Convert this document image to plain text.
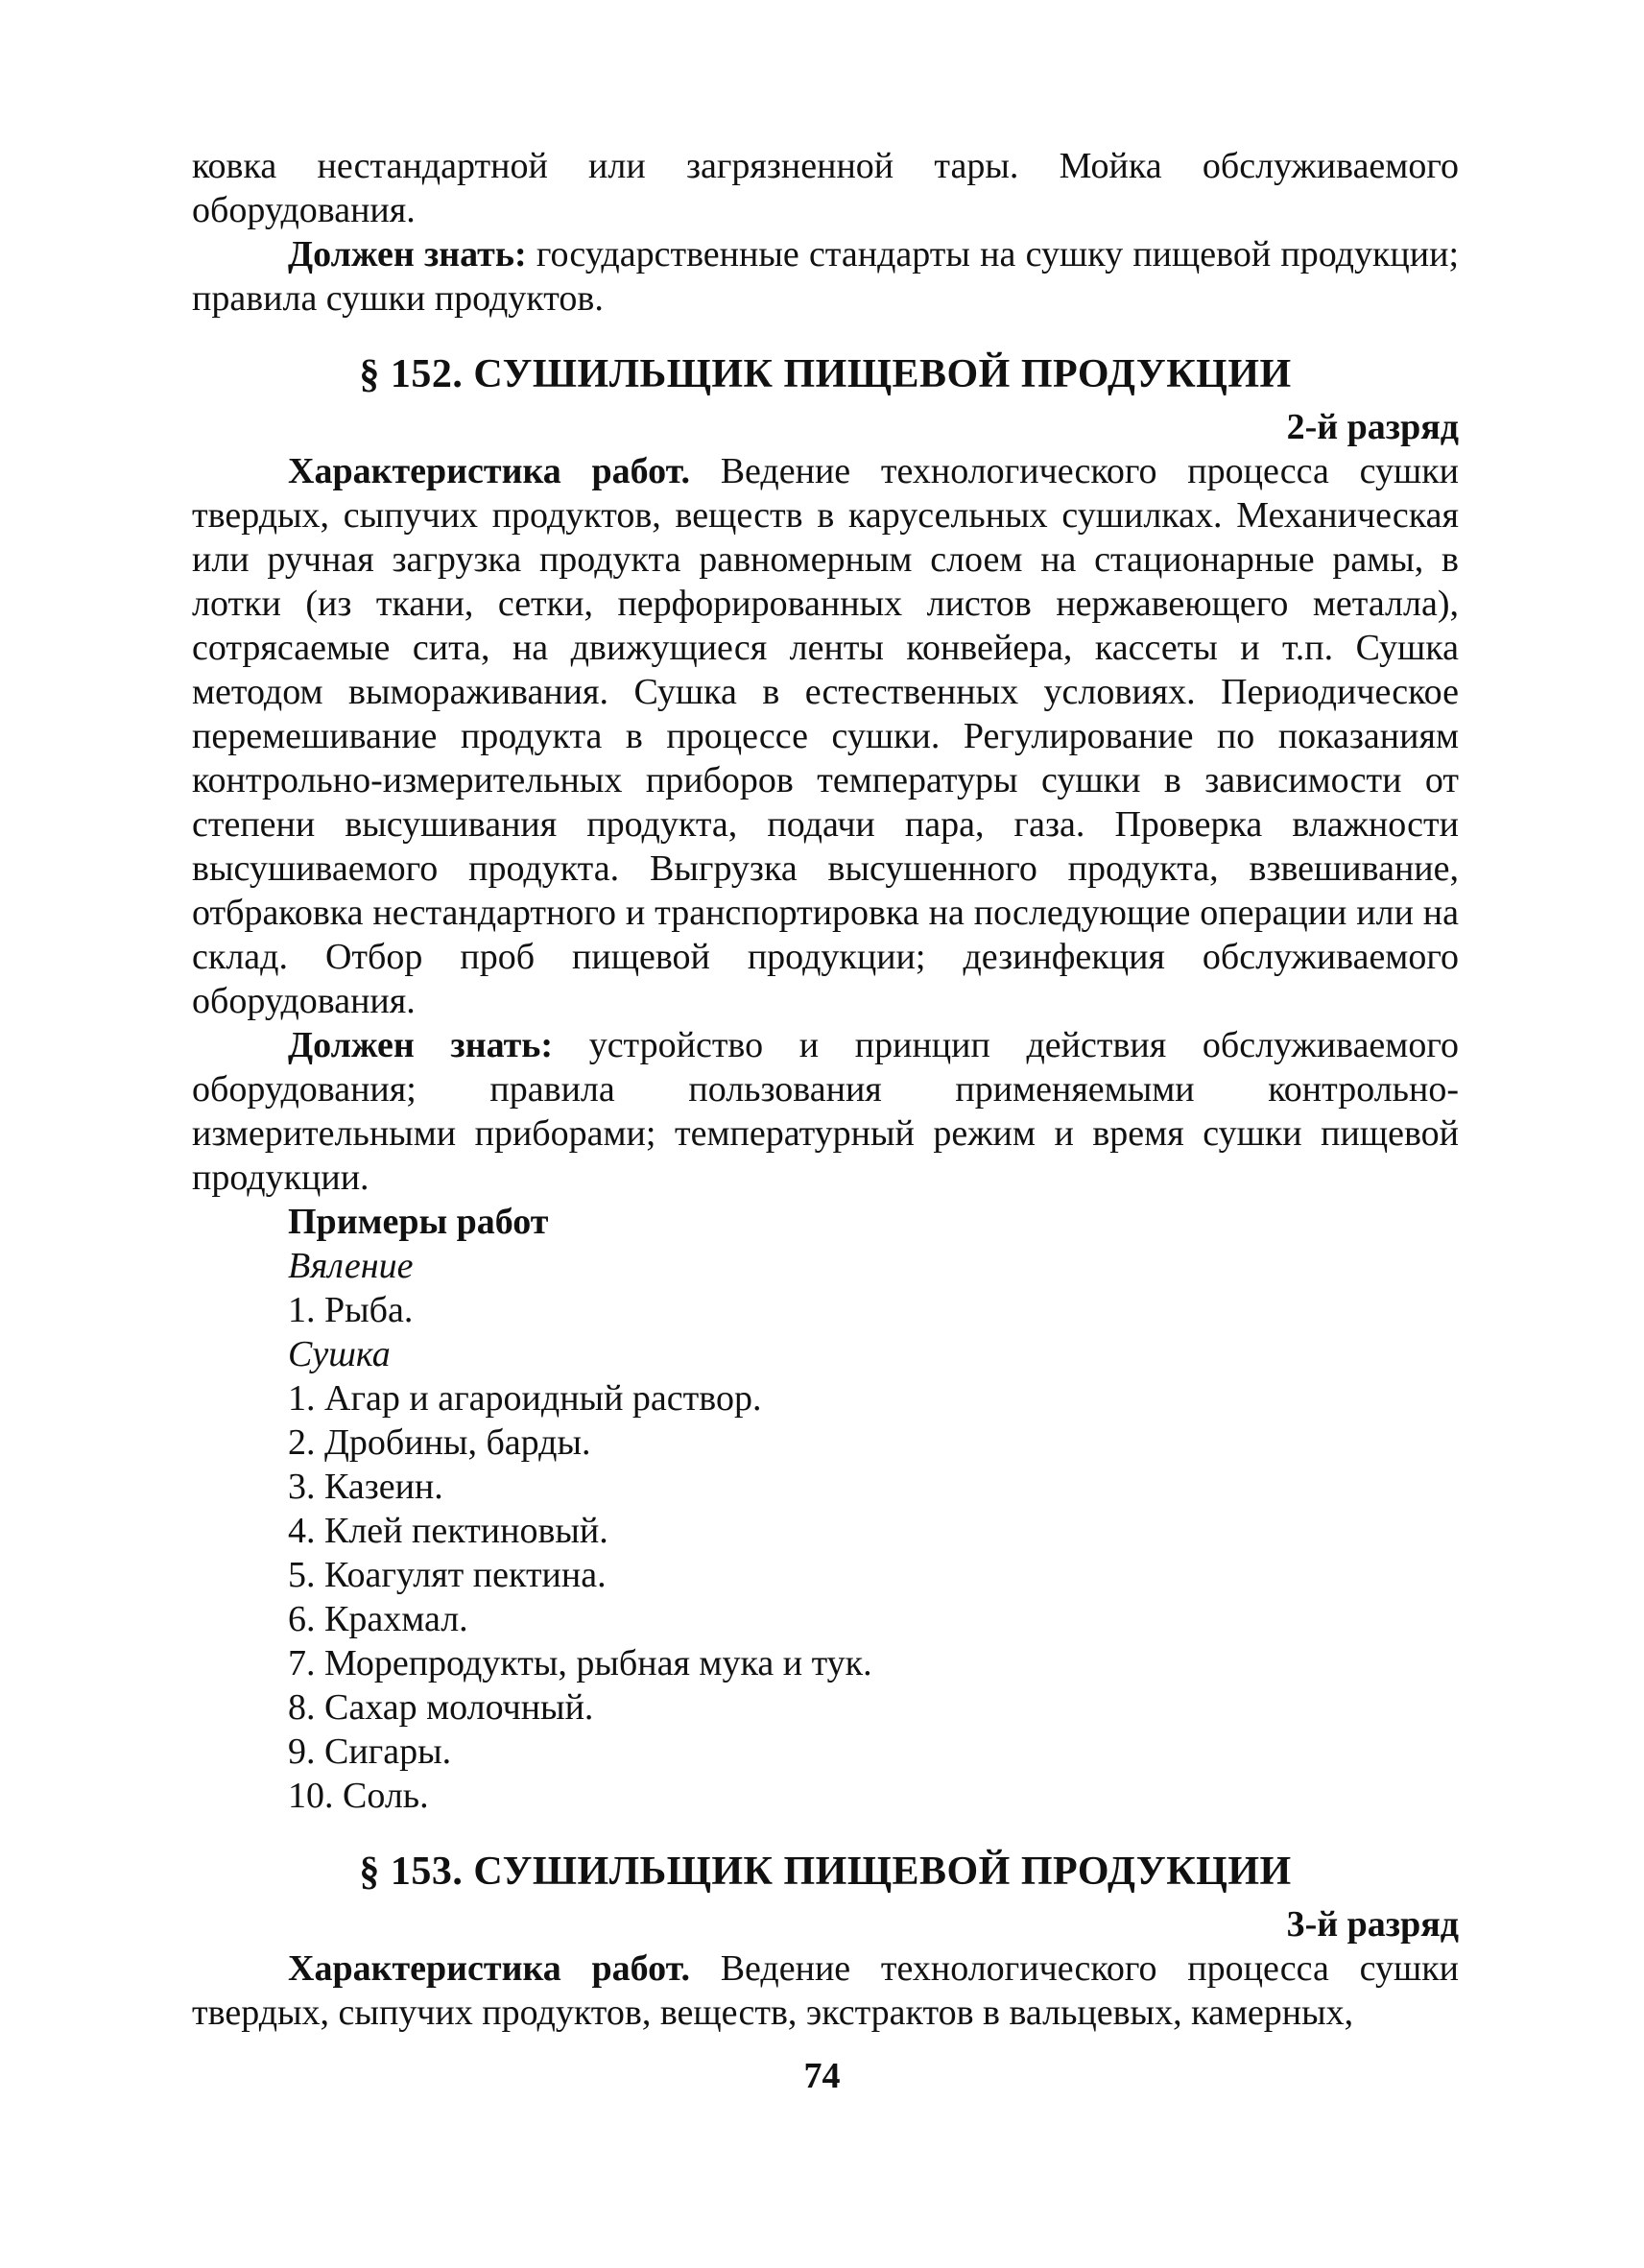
ковка нестандартной или загрязненной тары. Мойка обслуживаемого оборудования.

Должен знать: государственные стандарты на сушку пищевой продукции; правила сушки продуктов.

§ 152. СУШИЛЬЩИК ПИЩЕВОЙ ПРОДУКЦИИ
2-й разряд

Характеристика работ. Ведение технологического процесса сушки твердых, сыпучих продуктов, веществ в карусельных сушилках. Механическая или ручная загрузка продукта равномерным слоем на стационарные рамы, в лотки (из ткани, сетки, перфорированных листов нержавеющего металла), сотрясаемые сита, на движущиеся ленты конвейера, кассеты и т.п. Сушка методом вымораживания. Сушка в естественных условиях. Периодическое перемешивание продукта в процессе сушки. Регулирование по показаниям контрольно-измерительных приборов температуры сушки в зависимости от степени высушивания продукта, подачи пара, газа. Проверка влажности высушиваемого продукта. Выгрузка высушенного продукта, взвешивание, отбраковка нестандартного и транспортировка на последующие операции или на склад. Отбор проб пищевой продукции; дезинфекция обслуживаемого оборудования.

Должен знать: устройство и принцип действия обслуживаемого оборудования; правила пользования применяемыми контрольно-измерительными приборами; температурный режим и время сушки пищевой продукции.

Примеры работ
Вяление
1. Рыба.
Сушка
1. Агар и агароидный раствор.
2. Дробины, барды.
3. Казеин.
4. Клей пектиновый.
5. Коагулят пектина.
6. Крахмал.
7. Морепродукты, рыбная мука и тук.
8. Сахар молочный.
9. Сигары.
10. Соль.
§ 153. СУШИЛЬЩИК ПИЩЕВОЙ ПРОДУКЦИИ
3-й разряд

Характеристика работ. Ведение технологического процесса сушки твердых, сыпучих продуктов, веществ, экстрактов в вальцевых, камерных,

74
